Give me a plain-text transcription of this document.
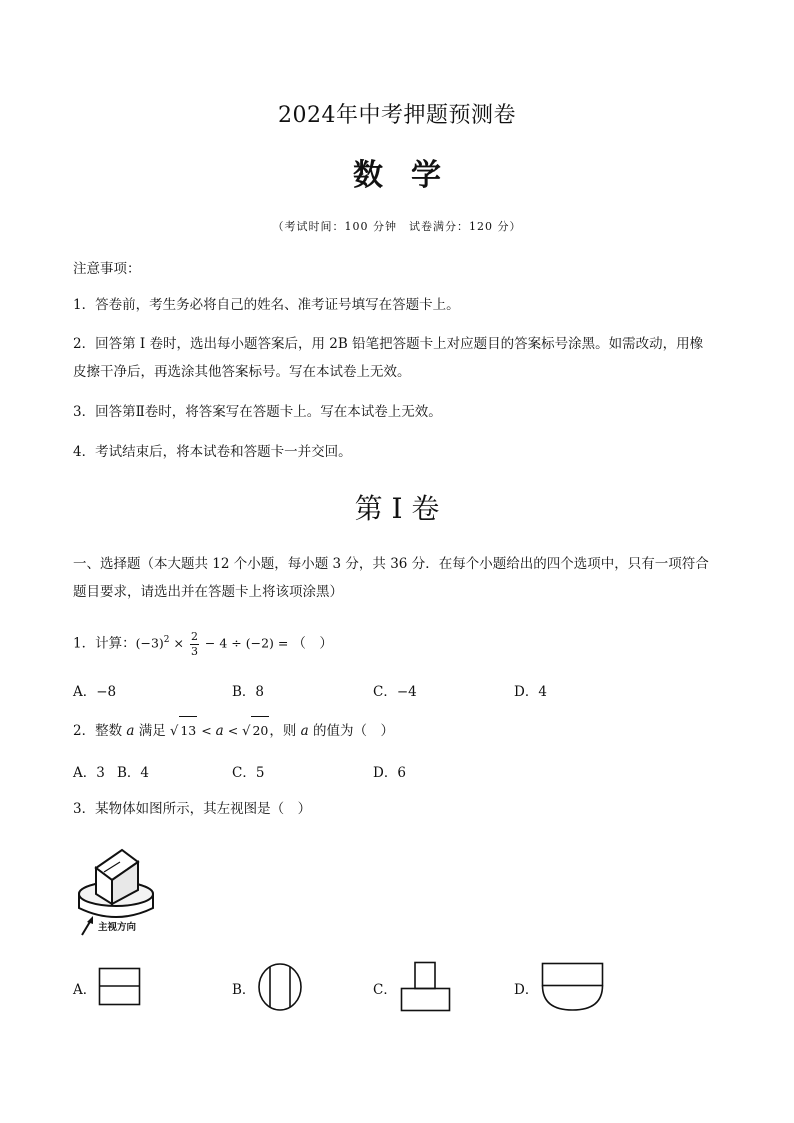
2024年中考押题预测卷
数学
（考试时间：100 分钟　试卷满分：120 分）
注意事项：
1．答卷前，考生务必将自己的姓名、准考证号填写在答题卡上。
2．回答第 I 卷时，选出每小题答案后，用 2B 铅笔把答题卡上对应题目的答案标号涂黑。如需改动，用橡
皮擦干净后，再选涂其他答案标号。写在本试卷上无效。
3．回答第Ⅱ卷时，将答案写在答题卡上。写在本试卷上无效。
4．考试结束后，将本试卷和答题卡一并交回。
第 I 卷
一、选择题（本大题共 12 个小题，每小题 3 分，共 36 分．在每个小题给出的四个选项中，只有一项符合
题目要求，请选出并在答题卡上将该项涂黑）
1．计算：$(-3)^2 \times \frac{2}{3} - 4 \div (-2)$ = （　）
A．−8	B．8	C．−4	D．4
2．整数 a 满足 √ 13 < a < √ 20，则 a 的值为（　）
A．3 B．4	C．5	D．6
3．某物体如图所示，其左视图是（　）
主视方向
A．	B．	C．	D．
